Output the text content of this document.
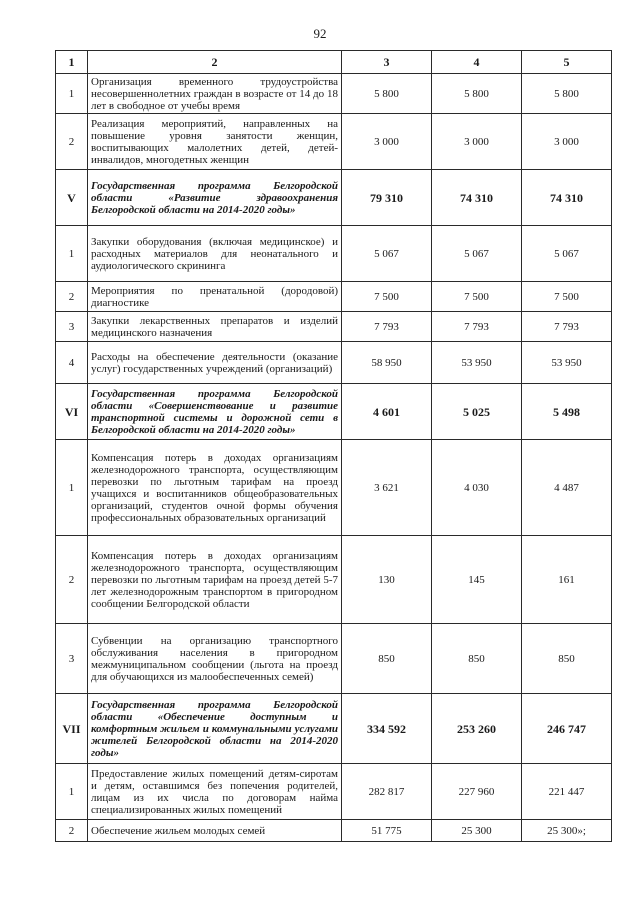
92
1	2	3	4	5
1	Организация временного трудоустройства несовершеннолетних граждан в возрасте от 14 до 18 лет в свободное от учебы время	5 800	5 800	5 800
2	Реализация мероприятий, направленных на повышение уровня занятости женщин, воспитывающих малолетних детей, детей-инвалидов, многодетных женщин	3 000	3 000	3 000
V	Государственная программа Белгородской области «Развитие здравоохранения Белгородской области на 2014-2020 годы»	79 310	74 310	74 310
1	Закупки оборудования (включая медицинское) и расходных материалов для неонатального и аудиологического скрининга	5 067	5 067	5 067
2	Мероприятия по пренатальной (дородовой) диагностике	7 500	7 500	7 500
3	Закупки лекарственных препаратов и изделий медицинского назначения	7 793	7 793	7 793
4	Расходы на обеспечение деятельности (оказание услуг) государственных учреждений (организаций)	58 950	53 950	53 950
VI	Государственная программа Белгородской области «Совершенствование и развитие транспортной системы и дорожной сети в Белгородской области на 2014-2020 годы»	4 601	5 025	5 498
1	Компенсация потерь в доходах организациям железнодорожного транспорта, осуществляющим перевозки по льготным тарифам на проезд учащихся и воспитанников общеобразовательных организаций, студентов очной формы обучения профессиональных образовательных организаций	3 621	4 030	4 487
2	Компенсация потерь в доходах организациям железнодорожного транспорта, осуществляющим перевозки по льготным тарифам на проезд детей 5-7 лет железнодорожным транспортом в пригородном сообщении Белгородской области	130	145	161
3	Субвенции на организацию транспортного обслуживания населения в пригородном межмуниципальном сообщении (льгота на проезд для обучающихся из малообеспеченных семей)	850	850	850
VII	Государственная программа Белгородской области «Обеспечение доступным и комфортным жильем и коммунальными услугами жителей Белгородской области на 2014-2020 годы»	334 592	253 260	246 747
1	Предоставление жилых помещений детям-сиротам и детям, оставшимся без попечения родителей, лицам из их числа по договорам найма специализированных жилых помещений	282 817	227 960	221 447
2	Обеспечение жильем молодых семей	51 775	25 300	25 300»;
